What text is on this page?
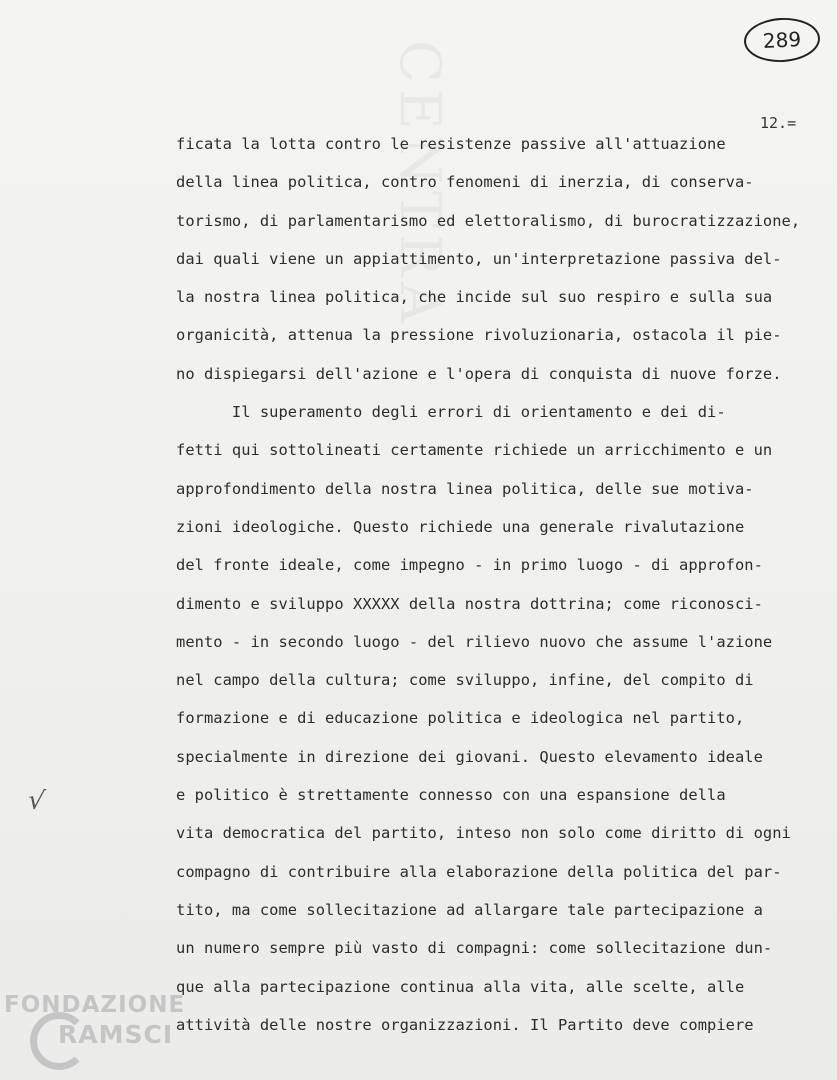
CENTRA	289
12.=
ficata la lotta contro le resistenze passive all'attuazione
della linea politica, contro fenomeni di inerzia, di conserva-
torismo, di parlamentarismo ed elettoralismo, di burocratizzazione,
dai quali viene un appiattimento, un'interpretazione passiva del-
la nostra linea politica, che incide sul suo respiro e sulla sua
organicità, attenua la pressione rivoluzionaria, ostacola il pie-
no dispiegarsi dell'azione e l'opera di conquista di nuove forze.
Il superamento degli errori di orientamento e dei di-
fetti qui sottolineati certamente richiede un arricchimento e un
approfondimento della nostra linea politica, delle sue motiva-
zioni ideologiche. Questo richiede una generale rivalutazione
del fronte ideale, come impegno - in primo luogo - di approfon-
dimento e sviluppo XXXXX della nostra dottrina; come riconosci-
mento - in secondo luogo - del rilievo nuovo che assume l'azione
nel campo della cultura; come sviluppo, infine, del compito di
formazione e di educazione politica e ideologica nel partito,
specialmente in direzione dei giovani. Questo elevamento ideale
e politico è strettamente connesso con una espansione della
vita democratica del partito, inteso non solo come diritto di ogni
compagno di contribuire alla elaborazione della politica del par-
tito, ma come sollecitazione ad allargare tale partecipazione a
un numero sempre più vasto di compagni: come sollecitazione dun-
que alla partecipazione continua alla vita, alle scelte, alle
attività delle nostre organizzazioni. Il Partito deve compiere
√
FONDAZIONE
RAMSCI
